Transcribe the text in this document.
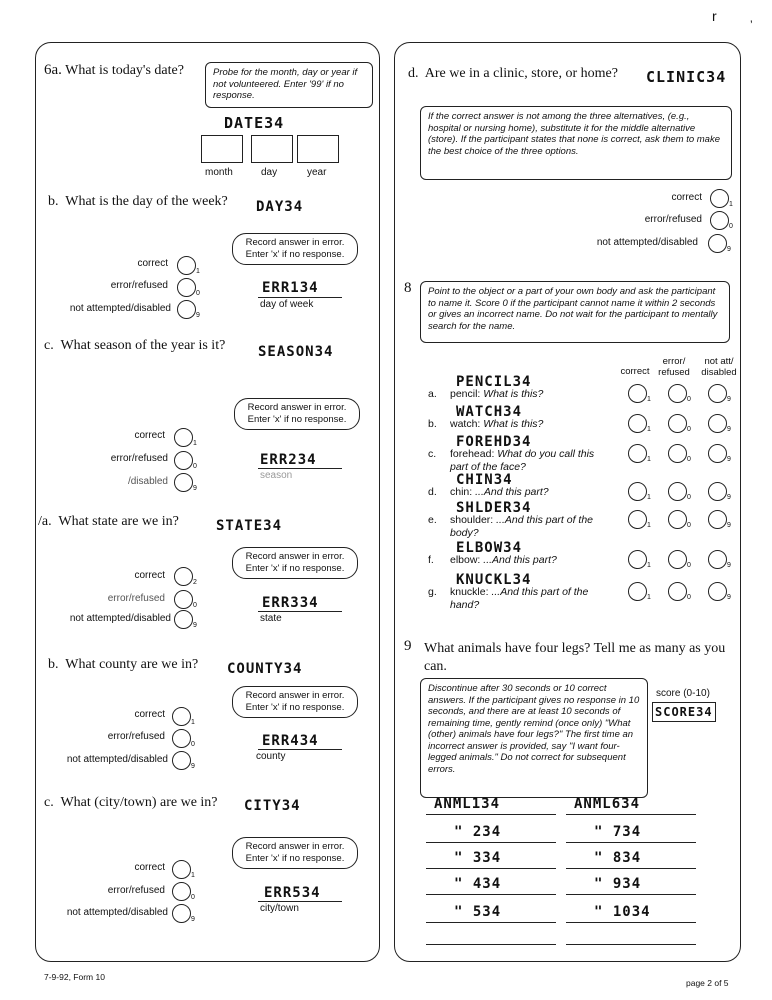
r
’
6a. What is today's date?	Probe for the month, day or year if not volunteered. Enter '99' if no response.
DATE34
month	day	year
b. What is the day of the week? DAY34
Record answer in error. Enter 'x' if no response.
correct
1
error/refused
0
not attempted/disabled
9
ERR134
day of week
c. What season of the year is it? SEASON34
Record answer in error. Enter 'x' if no response.
correct
1
error/refused
0
/disabled
9
ERR234
season
/a. What state are we in?	STATE34
Record answer in error. Enter 'x' if no response.
correct
2
error/refused
0
not attempted/disabled
9
ERR334
state
b. What county are we in? COUNTY34
Record answer in error. Enter 'x' if no response.
correct
1
error/refused
0
not attempted/disabled
9
ERR434
county
c. What (city/town) are we in? CITY34
Record answer in error. Enter 'x' if no response.
correct
1
error/refused
0
not attempted/disabled
9
ERR534
city/town
d. Are we in a clinic, store, or home? CLINIC34
If the correct answer is not among the three alternatives, (e.g., hospital or nursing home), substitute it for the middle alternative (store). If the participant states that none is correct, ask them to make the best choice of the three options.
correct
1
error/refused
0
not attempted/disabled
9
8	Point to the object or a part of your own body and ask the participant to name it. Score 0 if the participant cannot name it within 2 seconds or gives an incorrect name. Do not wait for the participant to mentally search for the name.
correct
error/ refused
not att/ disabled
PENCIL34
a. pencil: What is this?	1	0	9
WATCH34
b. watch: What is this?	1	0	9
FOREHD34
c. forehead: What do you call this part of the face?
1	0	9
CHIN34
d. chin: ...And this part?	1	0	9
SHLDER34
e. shoulder: ...And this part of the body?
1	0	9
ELBOW34
f. elbow: ...And this part?	1	0	9
KNUCKL34
g. knuckle: ...And this part of the hand?
1	0	9
9 What animals have four legs? Tell me as many as you can.
Discontinue after 30 seconds or 10 correct answers. If the participant gives no response in 10 seconds, and there are at least 10 seconds of remaining time, gently remind (once only) "What (other) animals have four legs?" The first time an incorrect answer is provided, say "I want four-legged animals." Do not correct for subsequent errors.
score (0-10)
SCORE34
ANML134
" 234
" 334
" 434
" 534
ANML634
" 734
" 834
" 934
" 1034
7-9-92, Form 10
page 2 of 5
